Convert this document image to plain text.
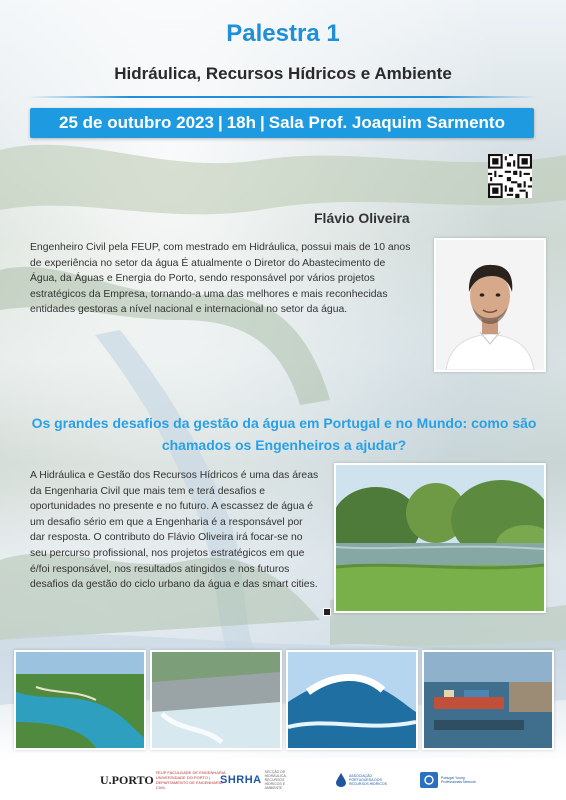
Palestra 1
Hidráulica, Recursos Hídricos e Ambiente
25 de outubro 2023 | 18h | Sala Prof. Joaquim Sarmento
Flávio Oliveira
Engenheiro Civil pela FEUP, com mestrado em Hidráulica, possui mais de 10 anos de experiência no setor da água É atualmente o Diretor do Abastecimento de Água, da Águas e Energia do Porto, sendo responsável por vários projetos estratégicos da Empresa, tornando-a uma das melhores e mais reconhecidas entidades gestoras a nível nacional e internacional no setor da água.
Os grandes desafios da gestão da água em Portugal e no Mundo: como são chamados os Engenheiros a ajudar?
A Hidráulica e Gestão dos Recursos Hídricos é uma das áreas da Engenharia Civil que mais tem e terá desafios e oportunidades no presente e no futuro. A escassez de água é um desafio sério em que a Engenharia é a responsável por dar resposta. O contributo do Flávio Oliveira irá focar-se no seu percurso profissional, nos projetos estratégicos em que é/foi responsável, nos resultados atingidos e nos futuros desafios da gestão do ciclo urbano da água e das smart cities.
U.PORTO FEUP FACULDADE DE ENGENHARIA UNIVERSIDADE DO PORTO | DEPARTAMENTO DE ENGENHARIA CIVIL
SHRHA
SECÇÃO DE HIDRÁULICA, RECURSOS HÍDRICOS E AMBIENTE
ASSOCIAÇÃO PORTUGUESA DOS RECURSOS HÍDRICOS
Portugal Young Professionals Network
